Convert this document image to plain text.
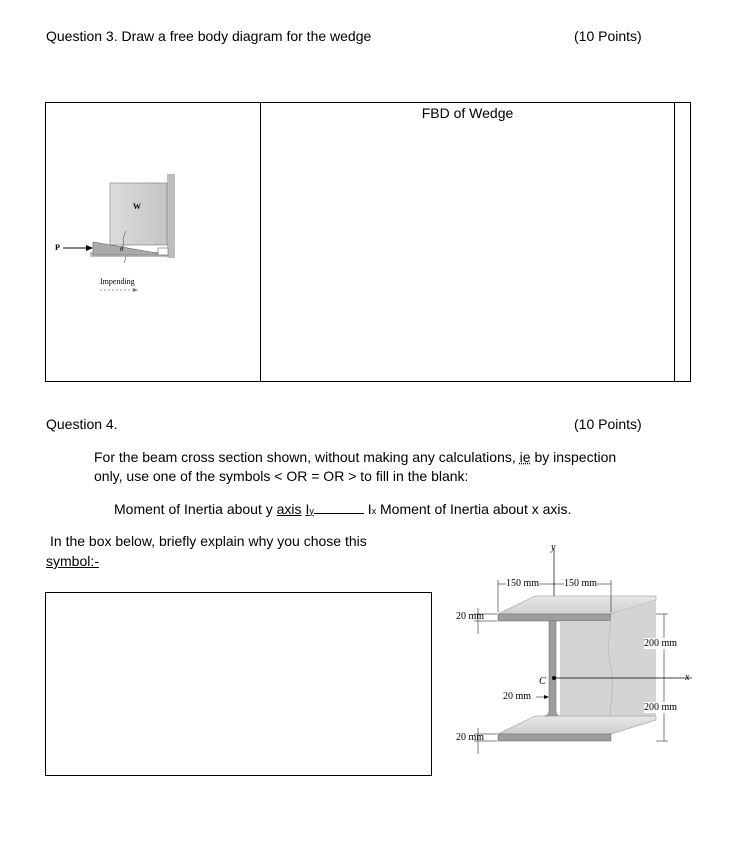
Question 3. Draw a free body diagram for the wedge	(10 Points)
FBD of Wedge
W
P	θ
Impending
Question 4.	(10 Points)
For the beam cross section shown, without making any calculations, ie by inspection
only, use one of the symbols < OR = OR > to fill in the blank:
Moment of Inertia about y axis Iy	Ix Moment of Inertia about x axis.
In the box below, briefly explain why you chose this
symbol:-
y
x
C
150 mm 150 mm
20 mm
20 mm
20 mm
200 mm
200 mm
